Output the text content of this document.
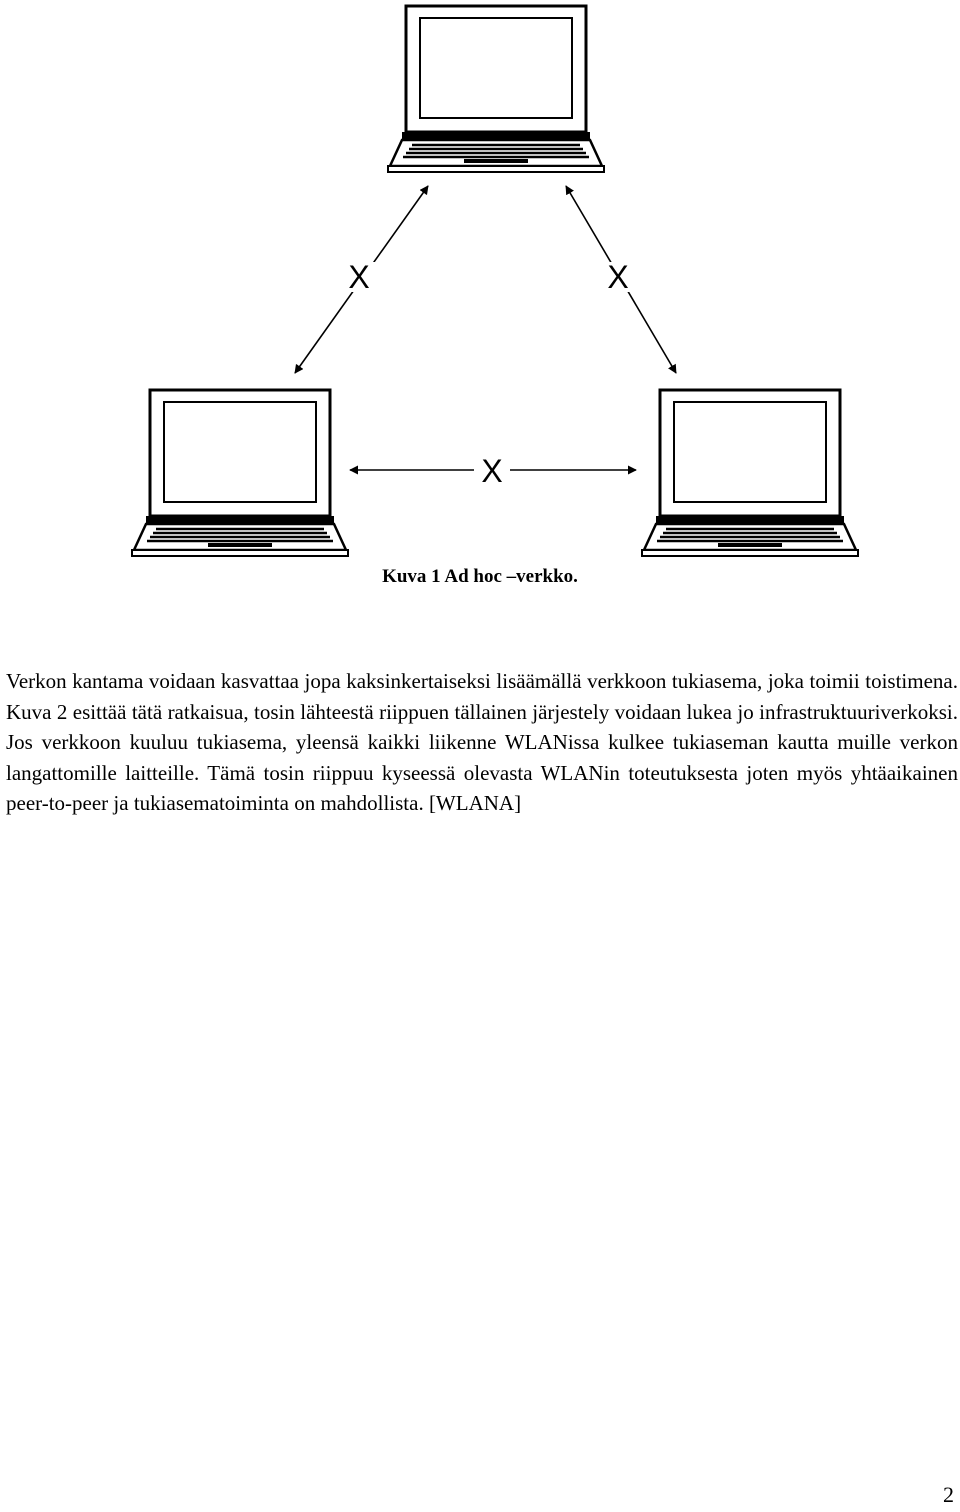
X	X
X
Kuva 1 Ad hoc –verkko.
Verkon kantama voidaan kasvattaa jopa kaksinkertaiseksi lisäämällä verkkoon tukiasema, joka toimii toistimena. Kuva 2 esittää tätä ratkaisua, tosin lähteestä riippuen tällainen järjestely voidaan lukea jo infrastruktuuriverkoksi. Jos verkkoon kuuluu tukiasema, yleensä kaikki liikenne WLANissa kulkee tukiaseman kautta muille verkon langattomille laitteille. Tämä tosin riippuu kyseessä olevasta WLANin toteutuksesta joten myös yhtäaikainen peer-to-peer ja tukiasematoiminta on mahdollista. [WLANA]
2
